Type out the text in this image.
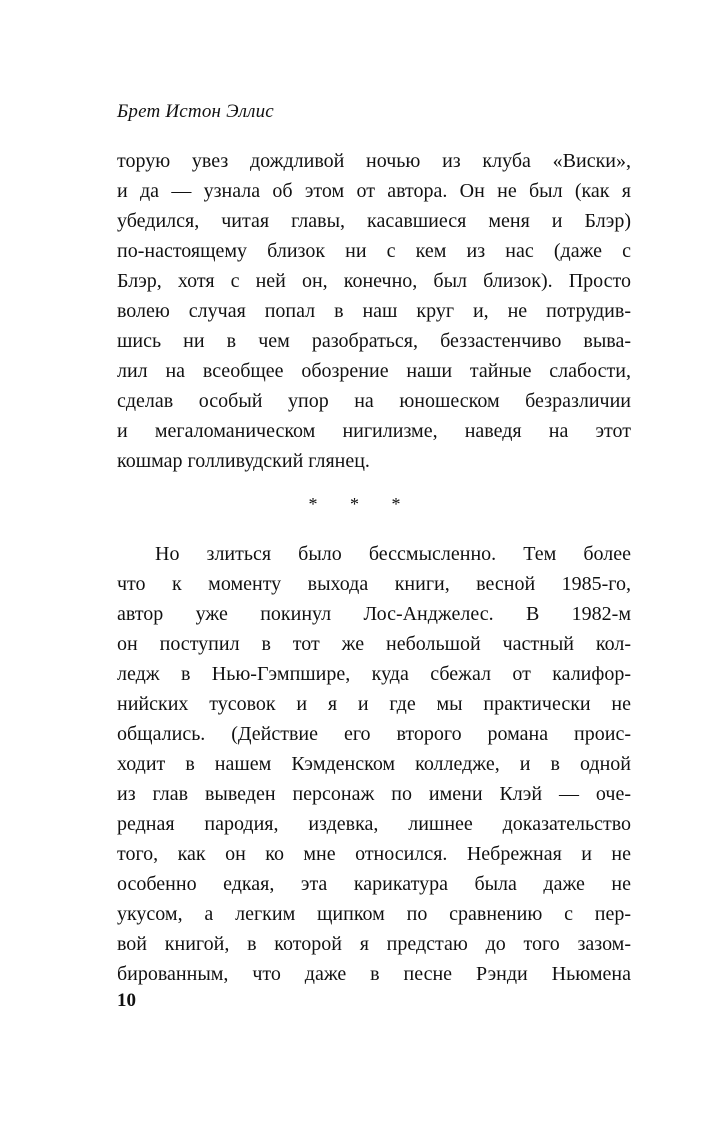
Брет Истон Эллис
торую увез дождливой ночью из клуба «Виски»,
и да — узнала об этом от автора. Он не был (как я
убедился, читая главы, касавшиеся меня и Блэр)
по-настоящему близок ни с кем из нас (даже с
Блэр, хотя с ней он, конечно, был близок). Просто
волею случая попал в наш круг и, не потрудив-
шись ни в чем разобраться, беззастенчиво выва-
лил на всеобщее обозрение наши тайные слабости,
сделав особый упор на юношеском безразличии
и мегаломаническом нигилизме, наведя на этот
кошмар голливудский глянец.
* * *
Но злиться было бессмысленно. Тем более
что к моменту выхода книги, весной 1985-го,
автор уже покинул Лос-Анджелес. В 1982-м
он поступил в тот же небольшой частный кол-
ледж в Нью-Гэмпшире, куда сбежал от калифор-
нийских тусовок и я и где мы практически не
общались. (Действие его второго романа проис-
ходит в нашем Кэмденском колледже, и в одной
из глав выведен персонаж по имени Клэй — оче-
редная пародия, издевка, лишнее доказательство
того, как он ко мне относился. Небрежная и не
особенно едкая, эта карикатура была даже не
укусом, а легким щипком по сравнению с пер-
вой книгой, в которой я предстаю до того зазом-
бированным, что даже в песне Рэнди Ньюмена
10
